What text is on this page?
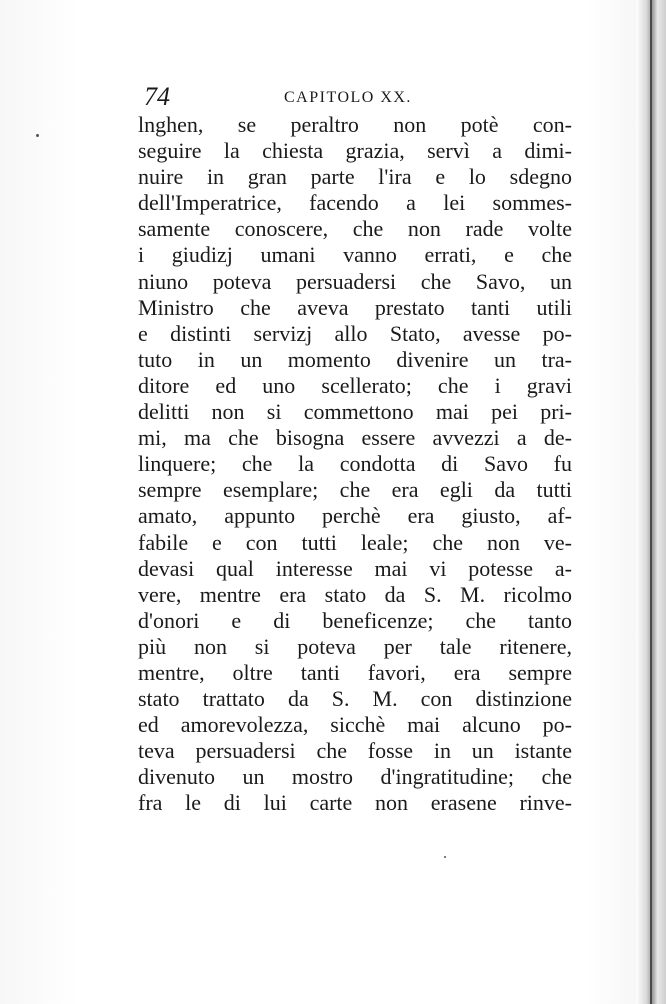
74	CAPITOLO XX.
lnghen, se peraltro non potè con-
seguire la chiesta grazia, servì a dimi-
nuire in gran parte l'ira e lo sdegno
dell'Imperatrice, facendo a lei sommes-
samente conoscere, che non rade volte
i giudizj umani vanno errati, e che
niuno poteva persuadersi che Savo, un
Ministro che aveva prestato tanti utili
e distinti servizj allo Stato, avesse po-
tuto in un momento divenire un tra-
ditore ed uno scellerato; che i gravi
delitti non si commettono mai pei pri-
mi, ma che bisogna essere avvezzi a de-
linquere; che la condotta di Savo fu
sempre esemplare; che era egli da tutti
amato, appunto perchè era giusto, af-
fabile e con tutti leale; che non ve-
devasi qual interesse mai vi potesse a-
vere, mentre era stato da S. M. ricolmo
d'onori e di beneficenze; che tanto
più non si poteva per tale ritenere,
mentre, oltre tanti favori, era sempre
stato trattato da S. M. con distinzione
ed amorevolezza, sicchè mai alcuno po-
teva persuadersi che fosse in un istante
divenuto un mostro d'ingratitudine; che
fra le di lui carte non erasene rinve-
